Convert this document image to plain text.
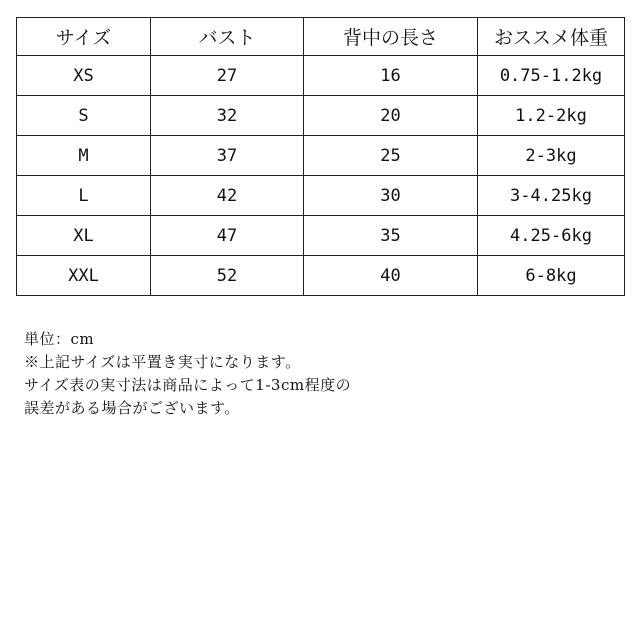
サイズ	バスト	背中の長さ	おススメ体重
XS	27	16	0.75-1.2kg
S	32	20	1.2-2kg
M	37	25	2-3kg
L	42	30	3-4.25kg
XL	47	35	4.25-6kg
XXL	52	40	6-8kg
単位：cm
※上記サイズは平置き実寸になります。
サイズ表の実寸法は商品によって1-3cm程度の
誤差がある場合がございます。
